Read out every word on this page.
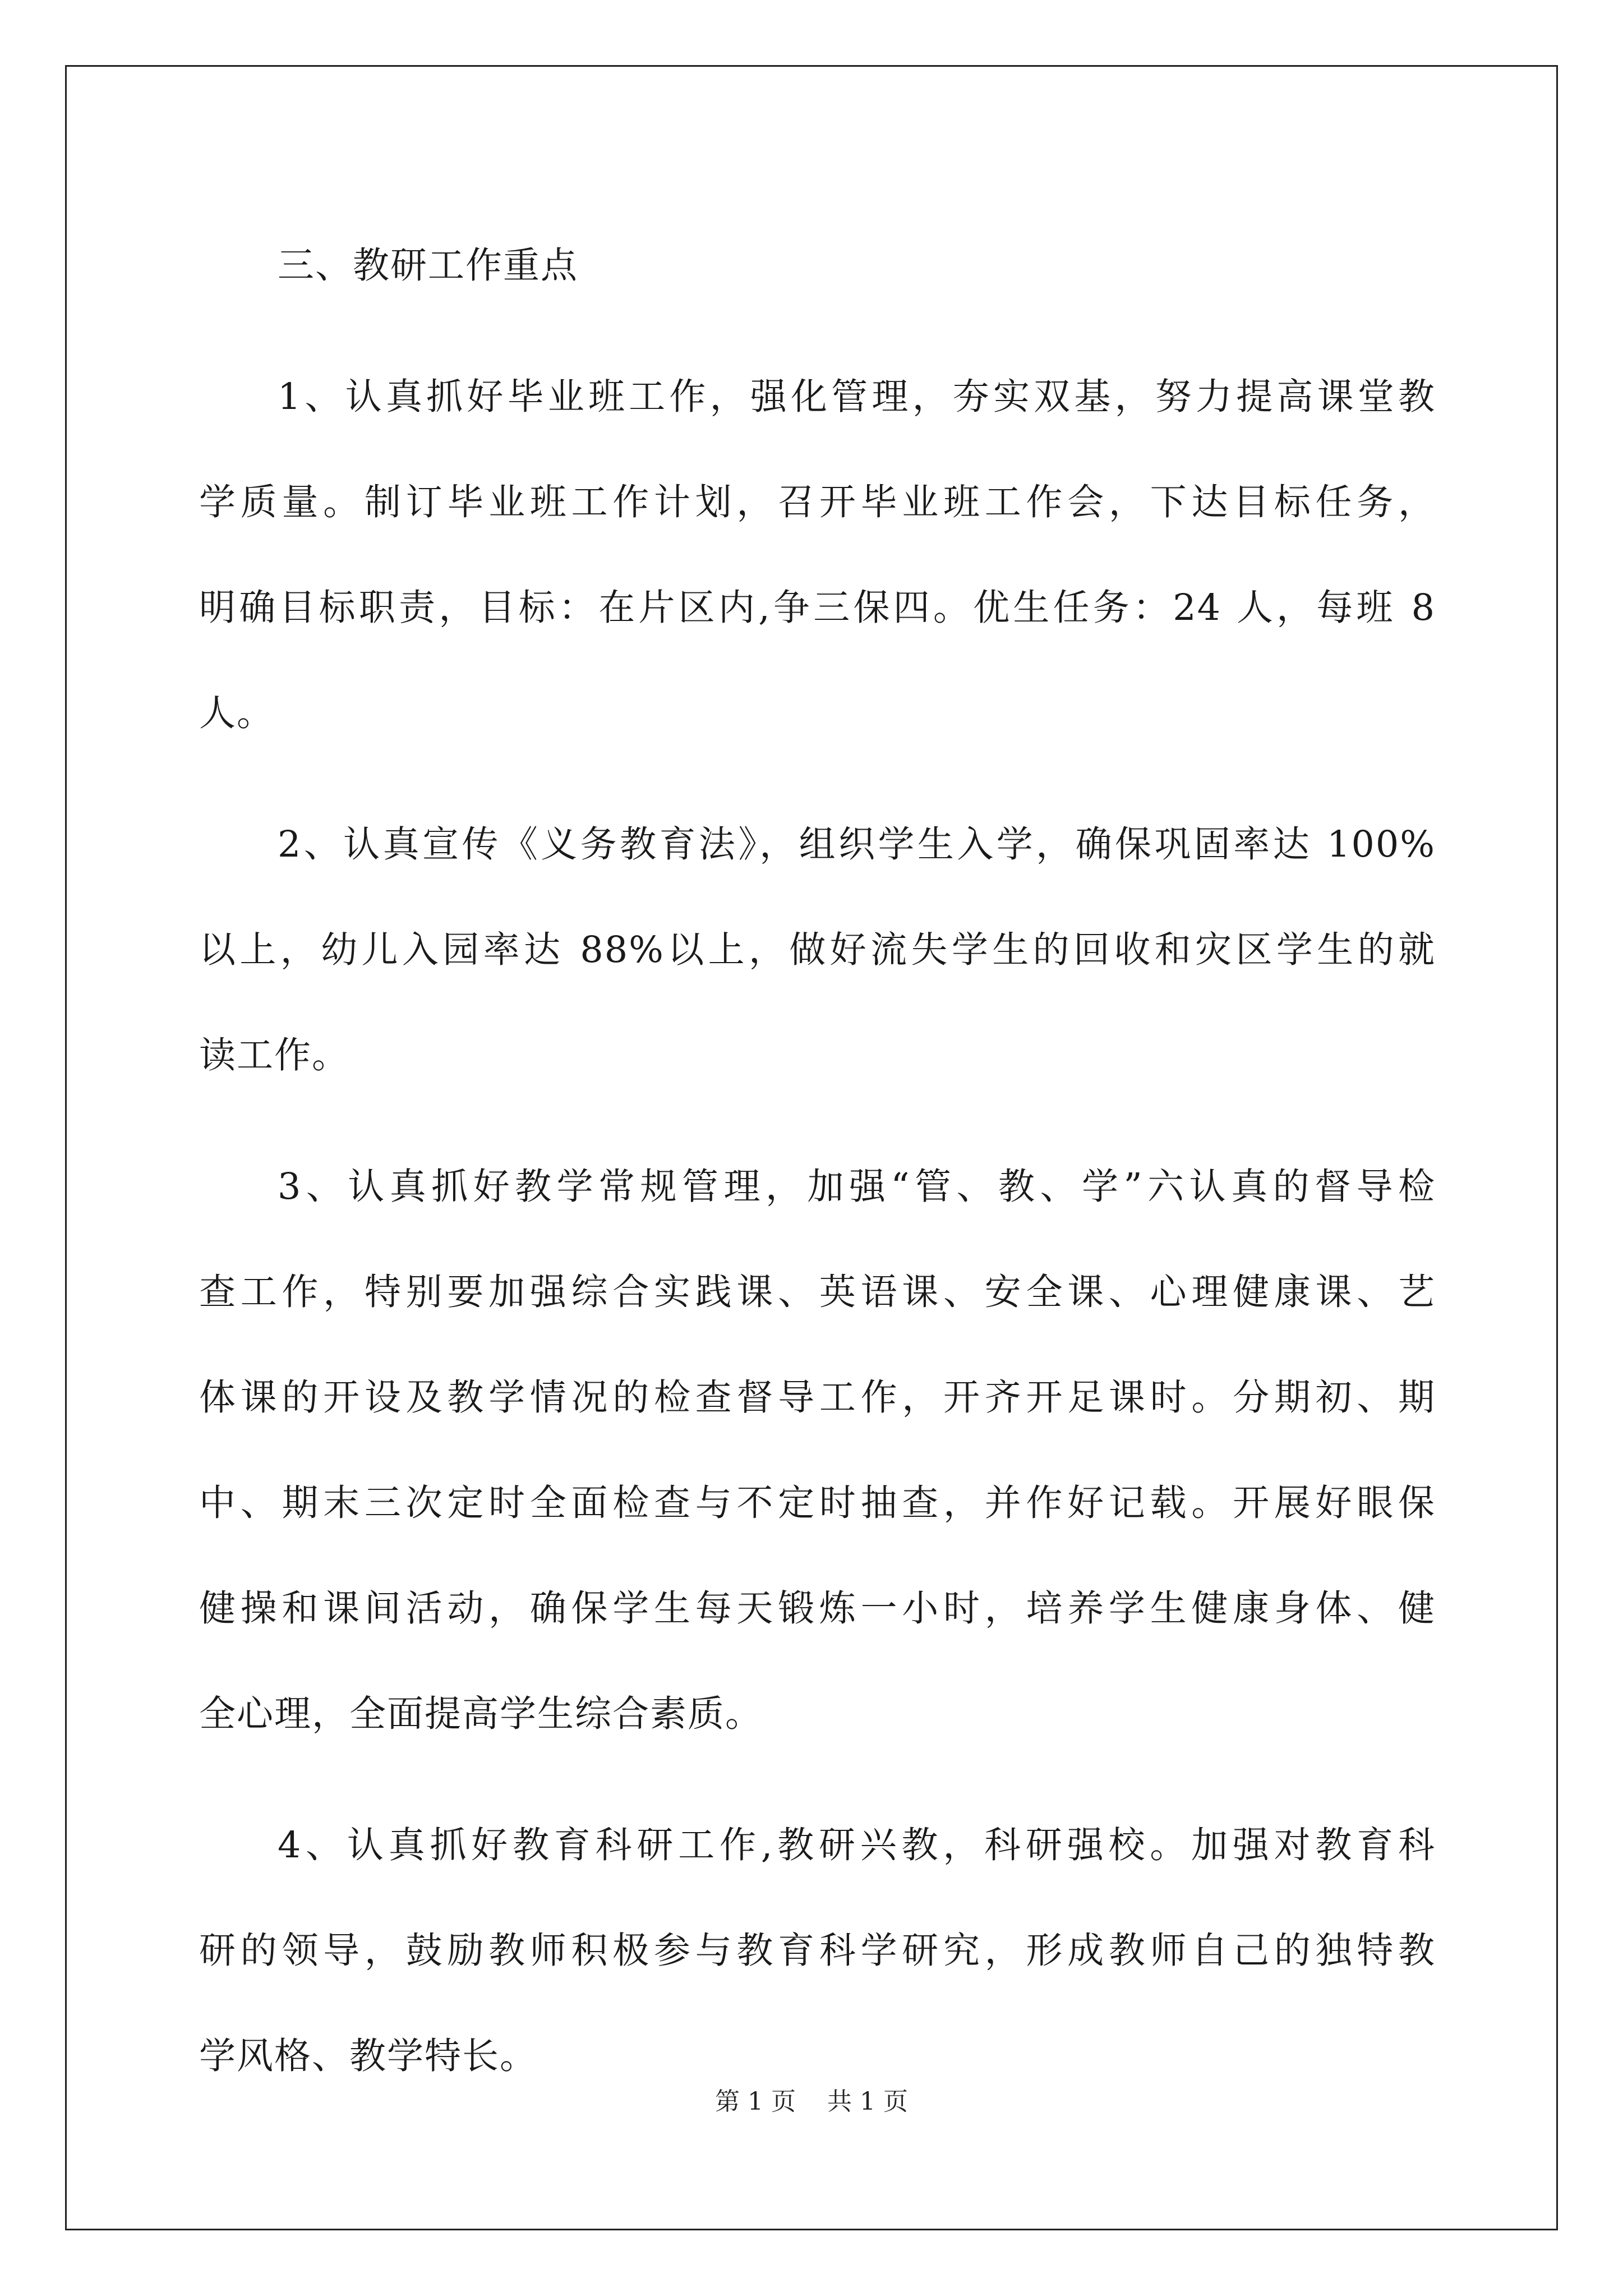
三、教研工作重点
1、认真抓好毕业班工作，强化管理，夯实双基，努力提高课堂教
学质量。制订毕业班工作计划，召开毕业班工作会，下达目标任务，
明确目标职责，目标：在片区内,争三保四。优生任务：24 人，每班 8
人。
2、认真宣传《义务教育法》，组织学生入学，确保巩固率达 100%
以上，幼儿入园率达 88%以上，做好流失学生的回收和灾区学生的就
读工作。
3、认真抓好教学常规管理，加强“管、教、学”六认真的督导检
查工作，特别要加强综合实践课、英语课、安全课、心理健康课、艺
体课的开设及教学情况的检查督导工作，开齐开足课时。分期初、期
中、期末三次定时全面检查与不定时抽查，并作好记载。开展好眼保
健操和课间活动，确保学生每天锻炼一小时，培养学生健康身体、健
全心理，全面提高学生综合素质。
4、认真抓好教育科研工作,教研兴教，科研强校。加强对教育科
研的领导，鼓励教师积极参与教育科学研究，形成教师自己的独特教
学风格、教学特长。
第 1 页 共 1 页
